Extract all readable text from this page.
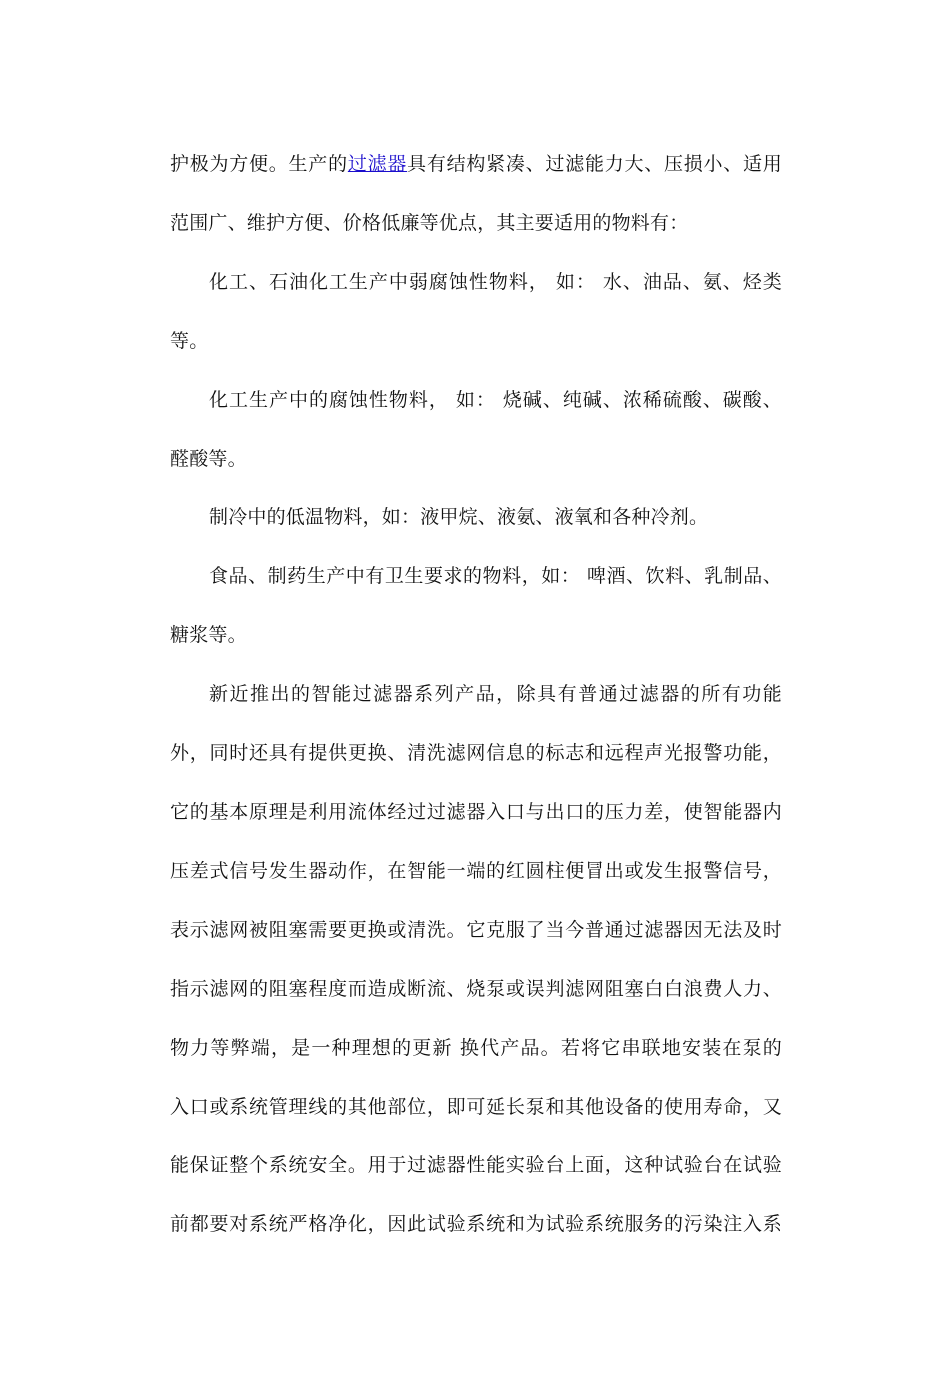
护极为方便。生产的过滤器具有结构紧凑、过滤能力大、压损小、适用
范围广、维护方便、价格低廉等优点，其主要适用的物料有：
化工、石油化工生产中弱腐蚀性物料， 如： 水、油品、氨、烃类
等。
化工生产中的腐蚀性物料， 如： 烧碱、纯碱、浓稀硫酸、碳酸、
醛酸等。
制冷中的低温物料，如：液甲烷、液氨、液氧和各种冷剂。
食品、制药生产中有卫生要求的物料，如： 啤酒、饮料、乳制品、
糖浆等。
新近推出的智能过滤器系列产品，除具有普通过滤器的所有功能
外，同时还具有提供更换、清洗滤网信息的标志和远程声光报警功能，
它的基本原理是利用流体经过过滤器入口与出口的压力差，使智能器内
压差式信号发生器动作，在智能一端的红圆柱便冒出或发生报警信号，
表示滤网被阻塞需要更换或清洗。它克服了当今普通过滤器因无法及时
指示滤网的阻塞程度而造成断流、烧泵或误判滤网阻塞白白浪费人力、
物力等弊端，是一种理想的更新 换代产品。若将它串联地安装在泵的
入口或系统管理线的其他部位，即可延长泵和其他设备的使用寿命，又
能保证整个系统安全。用于过滤器性能实验台上面，这种试验台在试验
前都要对系统严格净化，因此试验系统和为试验系统服务的污染注入系
